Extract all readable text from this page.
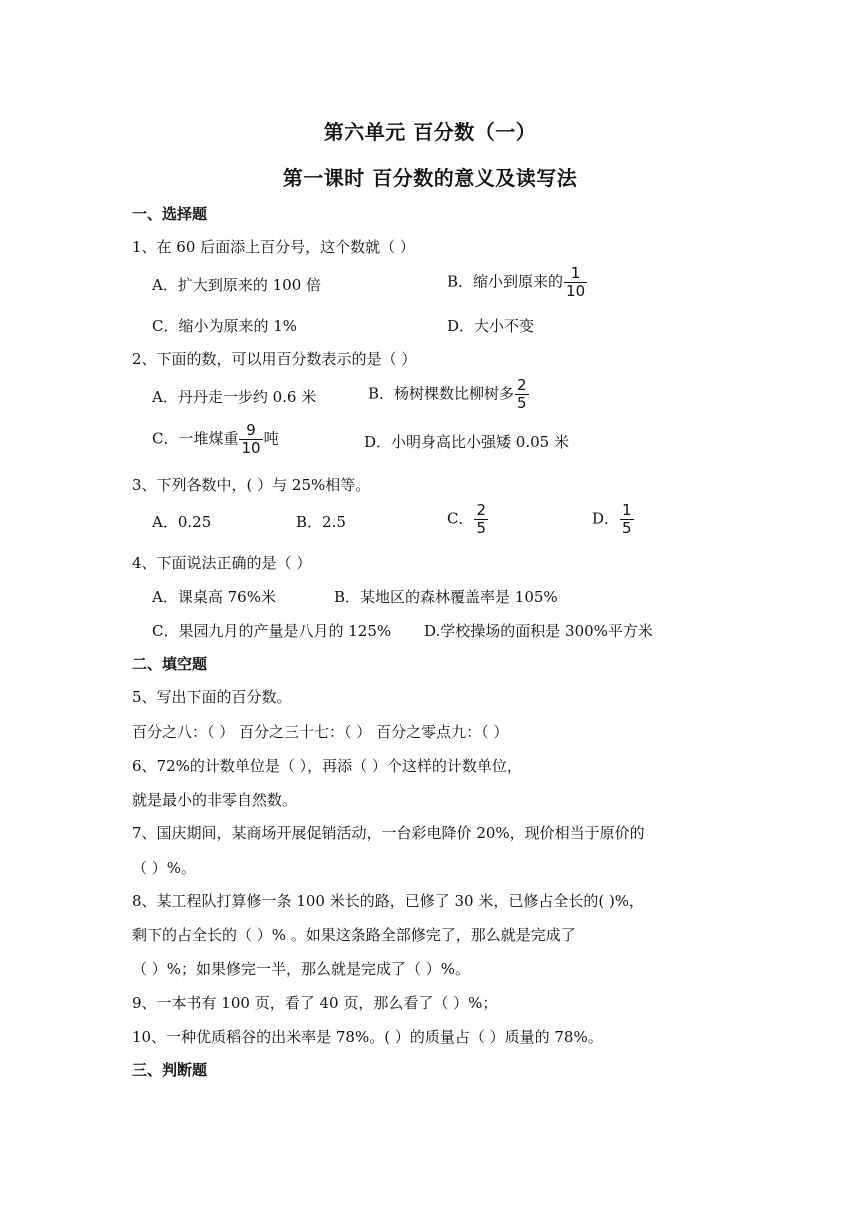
第六单元 百分数（一）
第一课时 百分数的意义及读写法
一、选择题
1、在 60 后面添上百分号，这个数就（ ）
A．扩大到原来的 100 倍	B．缩小到原来的 $\frac{1}{10}$
C．缩小为原来的 1%	D．大小不变
2、下面的数，可以用百分数表示的是（ ）
A．丹丹走一步约 0.6 米	B．杨树棵数比柳树多 $\frac{2}{5}$
C．一堆煤重 $\frac{9}{10}$ 吨	D．小明身高比小强矮 0.05 米
3、下列各数中，( ）与 25%相等。
A．0.25	B．2.5	C． $\frac{2}{5}$	D． $\frac{1}{5}$
4、下面说法正确的是（ ）
A．课桌高 76%米	B．某地区的森林覆盖率是 105%
C．果园九月的产量是八月的 125% D.学校操场的面积是 300%平方米
二、填空题
5、写出下面的百分数。
百分之八：（ ） 百分之三十七：（ ） 百分之零点九：（ ）
6、72%的计数单位是（ ），再添（ ）个这样的计数单位，
就是最小的非零自然数。
7、国庆期间，某商场开展促销活动，一台彩电降价 20%，现价相当于原价的
（ ）%。
8、某工程队打算修一条 100 米长的路，已修了 30 米，已修占全长的( )%，
剩下的占全长的（ ）% 。如果这条路全部修完了，那么就是完成了
（ ）%；如果修完一半，那么就是完成了（ ）%。
9、一本书有 100 页，看了 40 页，那么看了（ ）%；
10、一种优质稻谷的出米率是 78%。( ）的质量占（ ）质量的 78%。
三、判断题
